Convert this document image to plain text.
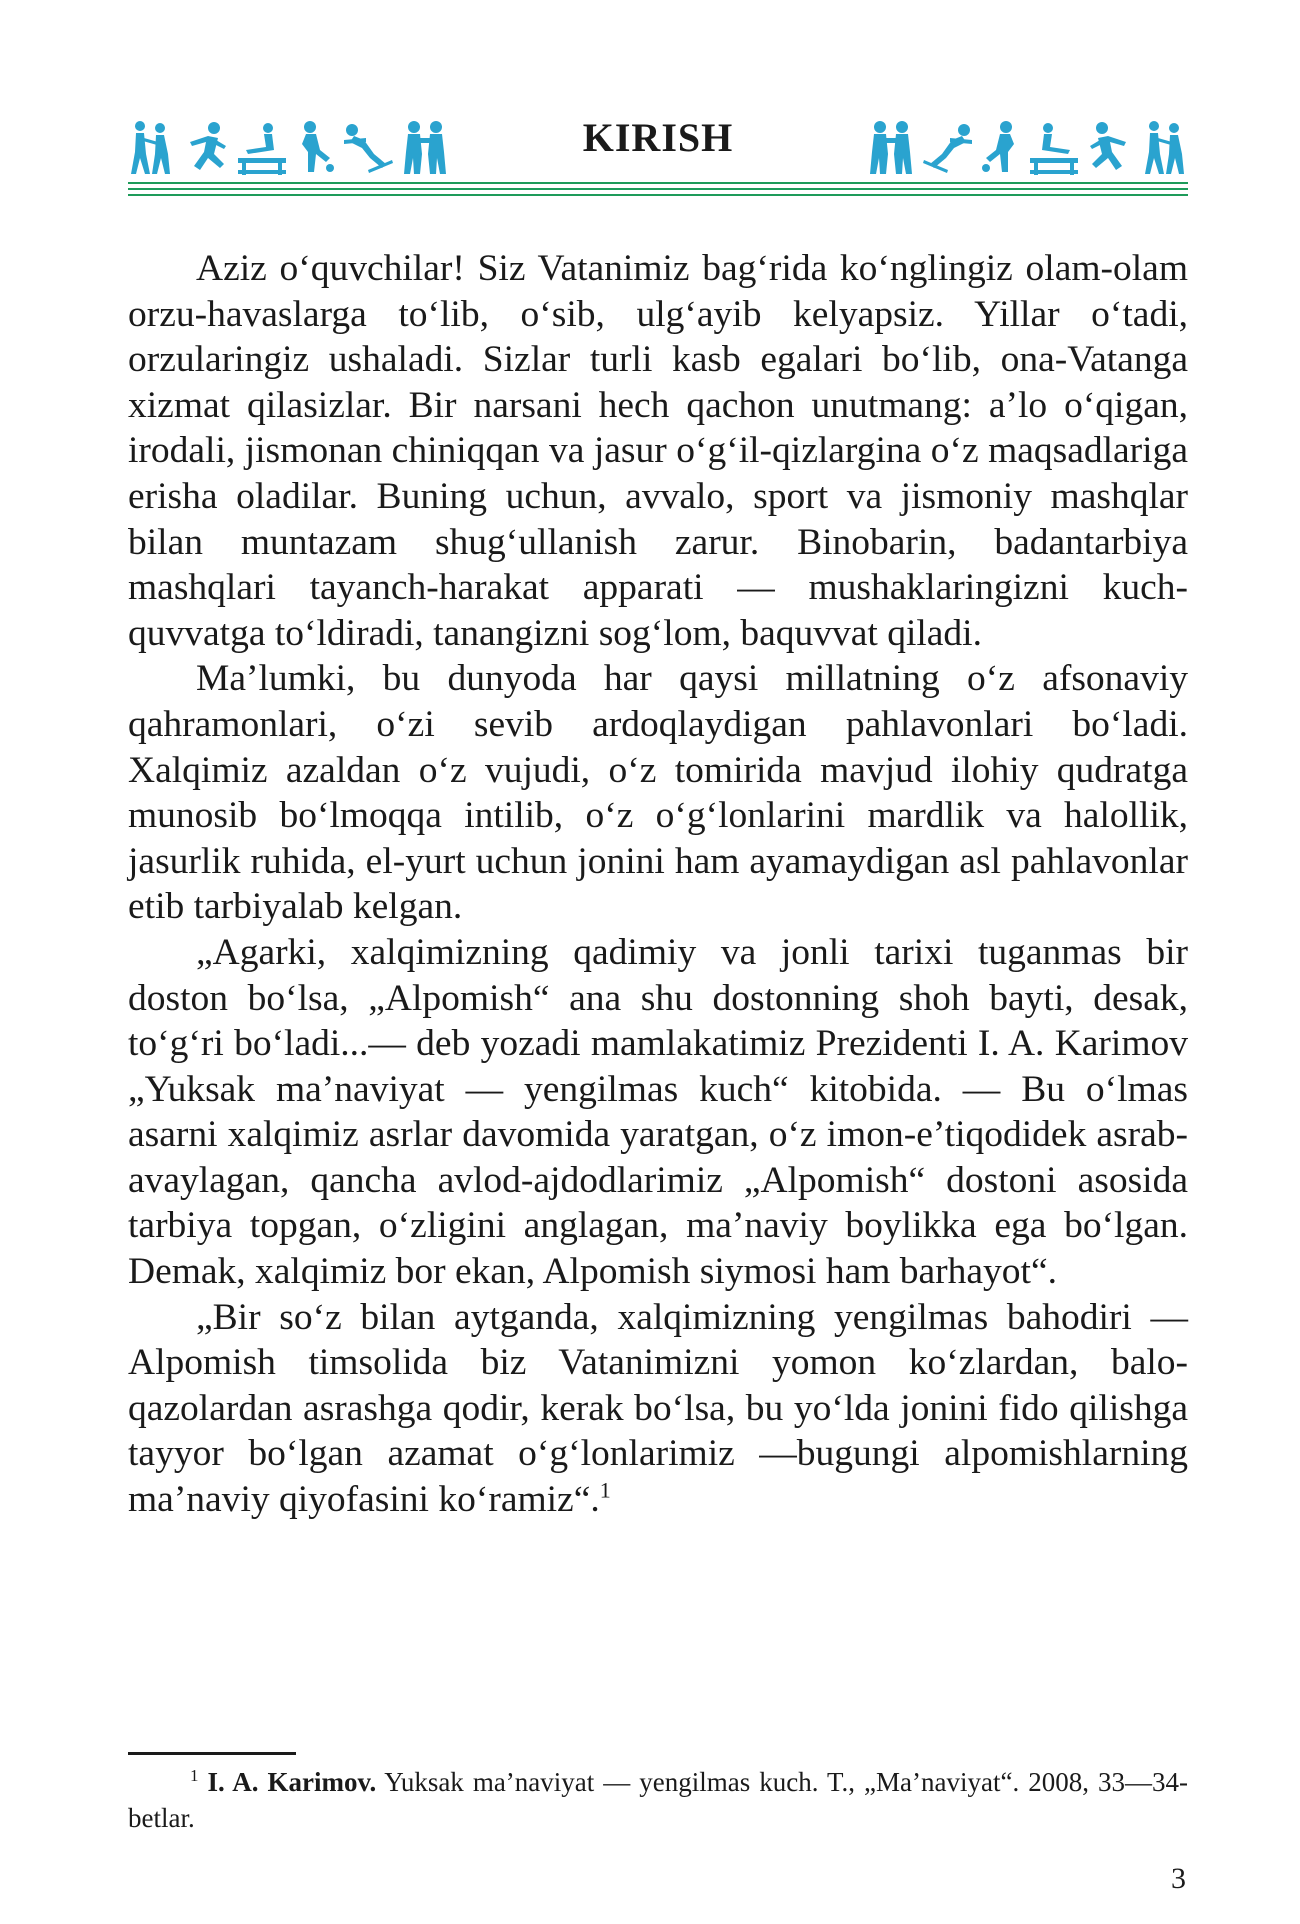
KIRISH

Aziz o‘quvchilar! Siz Vatanimiz bag‘rida ko‘nglingiz olam-olam orzu-havaslarga to‘lib, o‘sib, ulg‘ayib kelyapsiz. Yillar o‘tadi, orzularingiz ushaladi. Sizlar turli kasb egalari bo‘lib, ona-Vatanga xizmat qilasizlar. Bir narsani hech qachon unutmang: a’lo o‘qigan, irodali, jismonan chiniqqan va jasur o‘g‘il-qizlargina o‘z maqsadlariga erisha oladilar. Buning uchun, avvalo, sport va jismoniy mashqlar bilan muntazam shug‘ullanish zarur. Binobarin, badantarbiya mashqlari tayanch-harakat apparati — mushaklaringizni kuch-quvvatga to‘ldiradi, tanangizni sog‘lom, baquvvat qiladi.

Ma’lumki, bu dunyoda har qaysi millatning o‘z afsonaviy qahramonlari, o‘zi sevib ardoqlaydigan pahlavonlari bo‘ladi. Xalqimiz azaldan o‘z vujudi, o‘z tomirida mavjud ilohiy qudratga munosib bo‘lmoqqa intilib, o‘z o‘g‘lonlarini mardlik va halollik, jasurlik ruhida, el-yurt uchun jonini ham ayamaydigan asl pahlavonlar etib tarbiyalab kelgan.

„Agarki, xalqimizning qadimiy va jonli tarixi tuganmas bir doston bo‘lsa, „Alpomish“ ana shu dostonning shoh bayti, desak, to‘g‘ri bo‘ladi...— deb yozadi mamlakatimiz Prezidenti I. A. Karimov „Yuksak ma’naviyat — yengilmas kuch“ kitobida. — Bu o‘lmas asarni xalqimiz asrlar davomida yaratgan, o‘z imon-e’tiqodidek asrab-avaylagan, qancha avlod-ajdodlarimiz „Alpomish“ dostoni asosida tarbiya topgan, o‘zligini anglagan, ma’naviy boylikka ega bo‘lgan. Demak, xalqimiz bor ekan, Alpomish siymosi ham barhayot“.

„Bir so‘z bilan aytganda, xalqimizning yengilmas bahodiri — Alpomish timsolida biz Vatanimizni yomon ko‘zlardan, balo-qazolardan asrashga qodir, kerak bo‘lsa, bu yo‘lda jonini fido qilishga tayyor bo‘lgan azamat o‘g‘lonlarimiz —bugungi alpomishlarning ma’naviy qiyofasini ko‘ramiz“.$^1$

$^1$ I. A. Karimov. Yuksak ma’naviyat — yengilmas kuch. T., „Ma’naviyat“. 2008, 33—34- betlar.

3
